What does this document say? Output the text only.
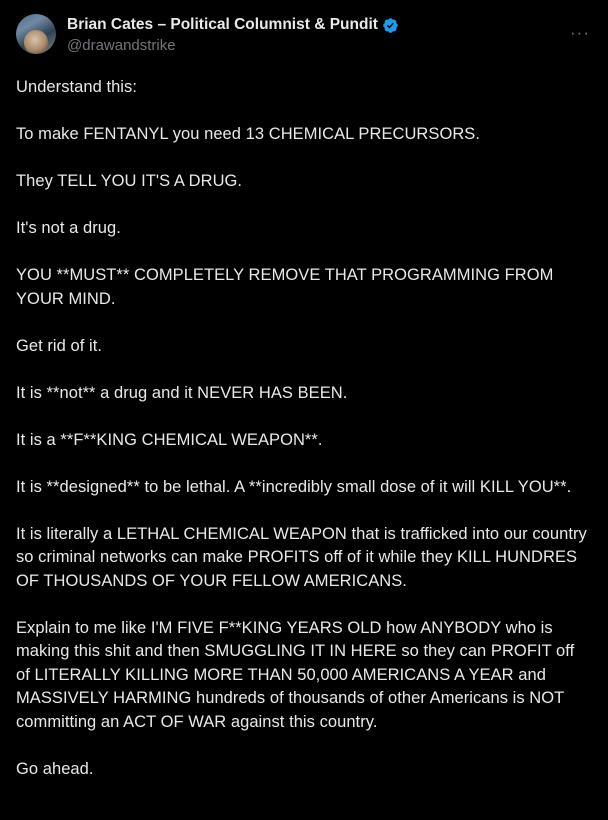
Brian Cates – Political Columnist & Pundit
@drawandstrike
···

Understand this:

To make FENTANYL you need 13 CHEMICAL PRECURSORS.

They TELL YOU IT'S A DRUG.

It's not a drug.

YOU **MUST** COMPLETELY REMOVE THAT PROGRAMMING FROM YOUR MIND.

Get rid of it.

It is **not** a drug and it NEVER HAS BEEN.

It is a **F**KING CHEMICAL WEAPON**.

It is **designed** to be lethal. A **incredibly small dose of it will KILL YOU**.

It is literally a LETHAL CHEMICAL WEAPON that is trafficked into our country so criminal networks can make PROFITS off of it while they KILL HUNDRES OF THOUSANDS OF YOUR FELLOW AMERICANS.

Explain to me like I'M FIVE F**KING YEARS OLD how ANYBODY who is making this shit and then SMUGGLING IT IN HERE so they can PROFIT off of LITERALLY KILLING MORE THAN 50,000 AMERICANS A YEAR and MASSIVELY HARMING hundreds of thousands of other Americans is NOT committing an ACT OF WAR against this country.

Go ahead.
